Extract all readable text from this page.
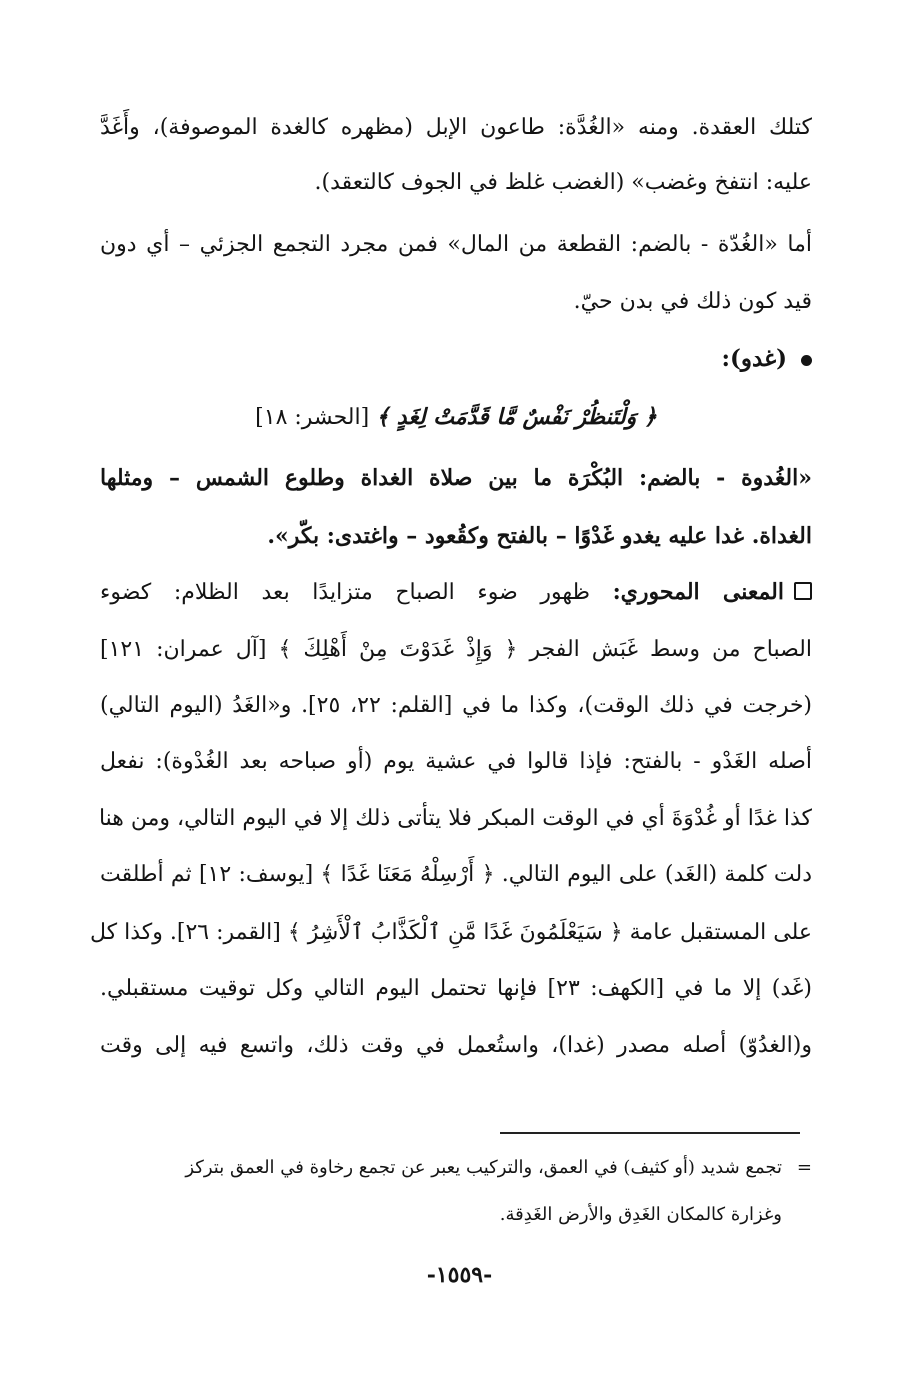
كتلك العقدة. ومنه «الغُدَّة: طاعون الإبل (مظهره كالغدة الموصوفة)، وأَغَدَّ
عليه: انتفخ وغضب» (الغضب غلظ في الجوف كالتعقد).
أما «الغُدّة - بالضم: القطعة من المال» فمن مجرد التجمع الجزئي – أي دون
قيد كون ذلك في بدن حيّ.
(غدو):
﴿ وَلْتَنظُرْ نَفْسٌ مَّا قَدَّمَتْ لِغَدٍ ﴾ [الحشر: ١٨]
«الغُدوة - بالضم: البُكْرَة ما بين صلاة الغداة وطلوع الشمس – ومثلها
الغداة. غدا عليه يغدو غَدْوًا – بالفتح وكقُعود – واغتدى: بكّر».
المعنى المحوري: ظهور ضوء الصباح متزايدًا بعد الظلام: كضوء
الصباح من وسط غَبَش الفجر ﴿ وَإِذْ غَدَوْتَ مِنْ أَهْلِكَ ﴾ [آل عمران: ١٢١]
(خرجت في ذلك الوقت)، وكذا ما في [القلم: ٢٢، ٢٥]. و«الغَدُ (اليوم التالي)
أصله الغَدْو - بالفتح: فإذا قالوا في عشية يوم (أو صباحه بعد الغُدْوة): نفعل
كذا غدًا أو غُدْوَةَ أي في الوقت المبكر فلا يتأتى ذلك إلا في اليوم التالي، ومن هنا
دلت كلمة (الغَد) على اليوم التالي. ﴿ أَرْسِلْهُ مَعَنَا غَدًا ﴾ [يوسف: ١٢] ثم أطلقت
على المستقبل عامة ﴿ سَيَعْلَمُونَ غَدًا مَّنِ ٱلْكَذَّابُ ٱلْأَشِرُ ﴾ [القمر: ٢٦]. وكذا كل
(غَد) إلا ما في [الكهف: ٢٣] فإنها تحتمل اليوم التالي وكل توقيت مستقبلي.
و(الغدُوّ) أصله مصدر (غدا)، واستُعمل في وقت ذلك، واتسع فيه إلى وقت
=تجمع شديد (أو كثيف) في العمق، والتركيب يعبر عن تجمع رخاوة في العمق بتركز
وغزارة كالمكان الغَدِق والأرض الغَدِقة.
-١٥٥٩-
